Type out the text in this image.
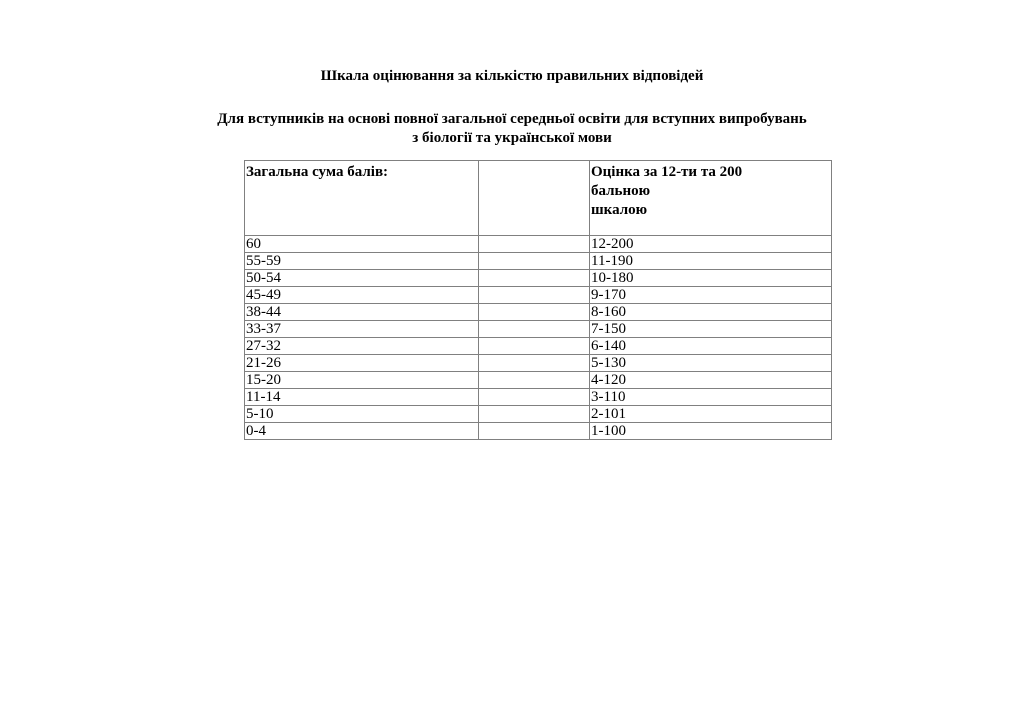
Шкала оцінювання за кількістю правильних відповідей

Для вступників на основі повної загальної середньої освіти для вступних випробувань
з біології та української мови

Загальна сума балів:		Оцінка за 12-ти та 200
бальною
шкалою

60		12-200
55-59		11-190
50-54		10-180
45-49		9-170
38-44		8-160
33-37		7-150
27-32		6-140
21-26		5-130
15-20		4-120
11-14		3-110
5-10		2-101
0-4		1-100
